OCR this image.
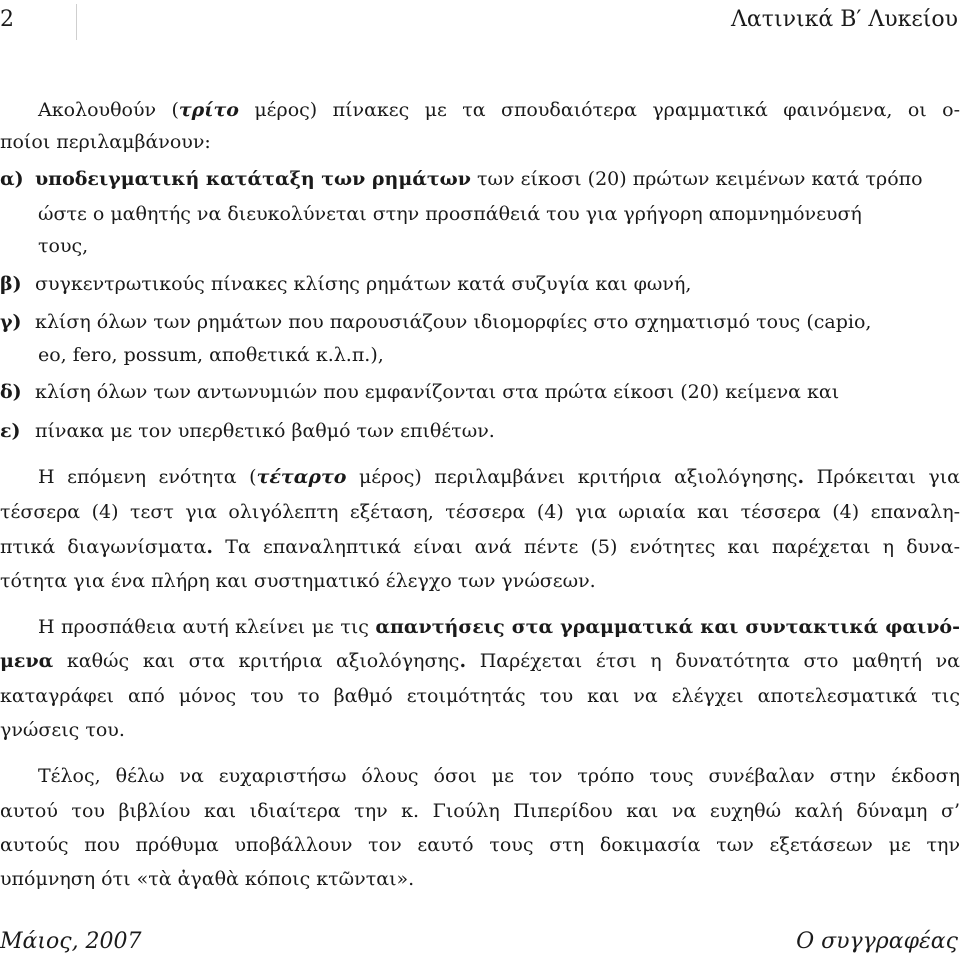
2	Λατινικά Β′ Λυκείου
Ακολουθούν (τρίτο μέρος) πίνακες με τα σπουδαιότερα γραμματικά φαινόμενα, οι ο-
ποίοι περιλαμβάνουν:
α) υποδειγματική κατάταξη των ρημάτων των είκοσι (20) πρώτων κειμένων κατά τρόπο
ώστε ο μαθητής να διευκολύνεται στην προσπάθειά του για γρήγορη απομνημόνευσή
τους,
β) συγκεντρωτικούς πίνακες κλίσης ρημάτων κατά συζυγία και φωνή,
γ) κλίση όλων των ρημάτων που παρουσιάζουν ιδιομορφίες στο σχηματισμό τους (capio,
eo, fero, possum, αποθετικά κ.λ.π.),
δ) κλίση όλων των αντωνυμιών που εμφανίζονται στα πρώτα είκοσι (20) κείμενα και
ε) πίνακα με τον υπερθετικό βαθμό των επιθέτων.
Η επόμενη ενότητα (τέταρτο μέρος) περιλαμβάνει κριτήρια αξιολόγησης. Πρόκειται για
τέσσερα (4) τεστ για ολιγόλεπτη εξέταση, τέσσερα (4) για ωριαία και τέσσερα (4) επαναλη-
πτικά διαγωνίσματα. Τα επαναληπτικά είναι ανά πέντε (5) ενότητες και παρέχεται η δυνα-
τότητα για ένα πλήρη και συστηματικό έλεγχο των γνώσεων.
Η προσπάθεια αυτή κλείνει με τις απαντήσεις στα γραμματικά και συντακτικά φαινό-
μενα καθώς και στα κριτήρια αξιολόγησης. Παρέχεται έτσι η δυνατότητα στο μαθητή να
καταγράφει από μόνος του το βαθμό ετοιμότητάς του και να ελέγχει αποτελεσματικά τις
γνώσεις του.
Τέλος, θέλω να ευχαριστήσω όλους όσοι με τον τρόπο τους συνέβαλαν στην έκδοση
αυτού του βιβλίου και ιδιαίτερα την κ. Γιούλη Πιπερίδου και να ευχηθώ καλή δύναμη σ’
αυτούς που πρόθυμα υποβάλλουν τον εαυτό τους στη δοκιμασία των εξετάσεων με την
υπόμνηση ότι «τὰ ἀγαθὰ κόποις κτῶνται».
Μάιος, 2007	Ο συγγραφέας
